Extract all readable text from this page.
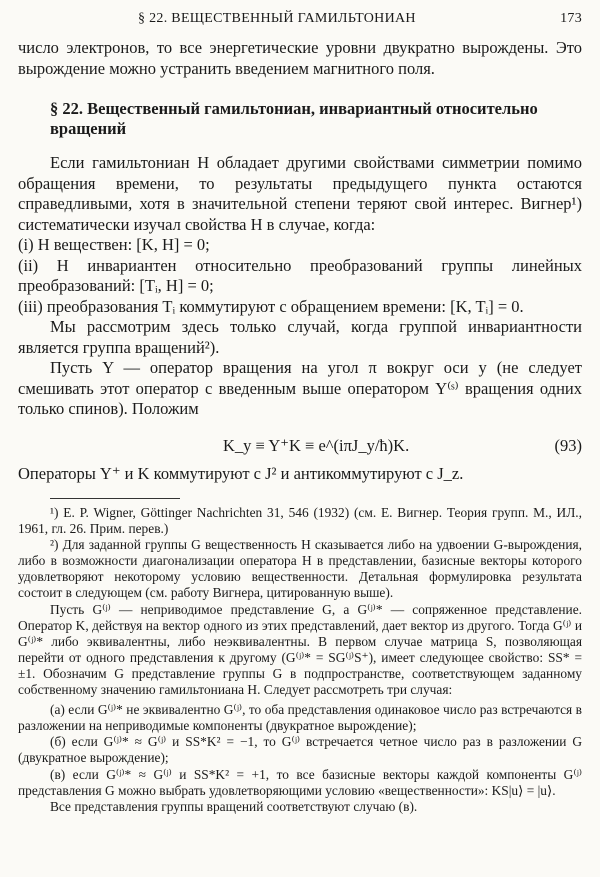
§ 22. ВЕЩЕСТВЕННЫЙ ГАМИЛЬТОНИАН	173

число электронов, то все энергетические уровни двукратно вырождены. Это вырождение можно устранить введением магнитного поля.

§ 22. Вещественный гамильтониан, инвариантный относительно вращений

Если гамильтониан H обладает другими свойствами симметрии помимо обращения времени, то результаты предыдущего пункта остаются справедливыми, хотя в значительной степени теряют свой интерес. Вигнер¹) систематически изучал свойства H в случае, когда:

(i) H веществен: [K, H] = 0;

(ii) H инвариантен относительно преобразований группы линейных преобразований: [Tᵢ, H] = 0;

(iii) преобразования Tᵢ коммутируют с обращением времени: [K, Tᵢ] = 0.

Мы рассмотрим здесь только случай, когда группой инвариантности является группа вращений²).

Пусть Y — оператор вращения на угол π вокруг оси y (не следует смешивать этот оператор с введенным выше оператором Y⁽ˢ⁾ вращения одних только спинов). Положим

K_y ≡ Y⁺K ≡ e^(iπJ_y/ħ)K.	(93)

Операторы Y⁺ и K коммутируют с J² и антикоммутируют с J_z.

¹) E. P. Wigner, Göttinger Nachrichten 31, 546 (1932) (см. Е. Вигнер. Теория групп. М., ИЛ., 1961, гл. 26. Прим. перев.)

²) Для заданной группы G вещественность H сказывается либо на удвоении G-вырождения, либо в возможности диагонализации оператора H в представлении, базисные векторы которого удовлетворяют некоторому условию вещественности. Детальная формулировка результата состоит в следующем (см. работу Вигнера, цитированную выше).

Пусть G⁽ʲ⁾ — неприводимое представление G, а G⁽ʲ⁾* — сопряженное представление. Оператор K, действуя на вектор одного из этих представлений, дает вектор из другого. Тогда G⁽ʲ⁾ и G⁽ʲ⁾* либо эквивалентны, либо неэквивалентны. В первом случае матрица S, позволяющая перейти от одного представления к другому (G⁽ʲ⁾* = SG⁽ʲ⁾S⁺), имеет следующее свойство: SS* = ±1. Обозначим G представление группы G в подпространстве, соответствующем заданному собственному значению гамильтониана H. Следует рассмотреть три случая:

(а) если G⁽ʲ⁾* не эквивалентно G⁽ʲ⁾, то оба представления одинаковое число раз встречаются в разложении на неприводимые компоненты (двукратное вырождение);

(б) если G⁽ʲ⁾* ≈ G⁽ʲ⁾ и SS*K² = −1, то G⁽ʲ⁾ встречается четное число раз в разложении G (двукратное вырождение);

(в) если G⁽ʲ⁾* ≈ G⁽ʲ⁾ и SS*K² = +1, то все базисные векторы каждой компоненты G⁽ʲ⁾ представления G можно выбрать удовлетворяющими условию «вещественности»: KS|u⟩ = |u⟩.

Все представления группы вращений соответствуют случаю (в).
